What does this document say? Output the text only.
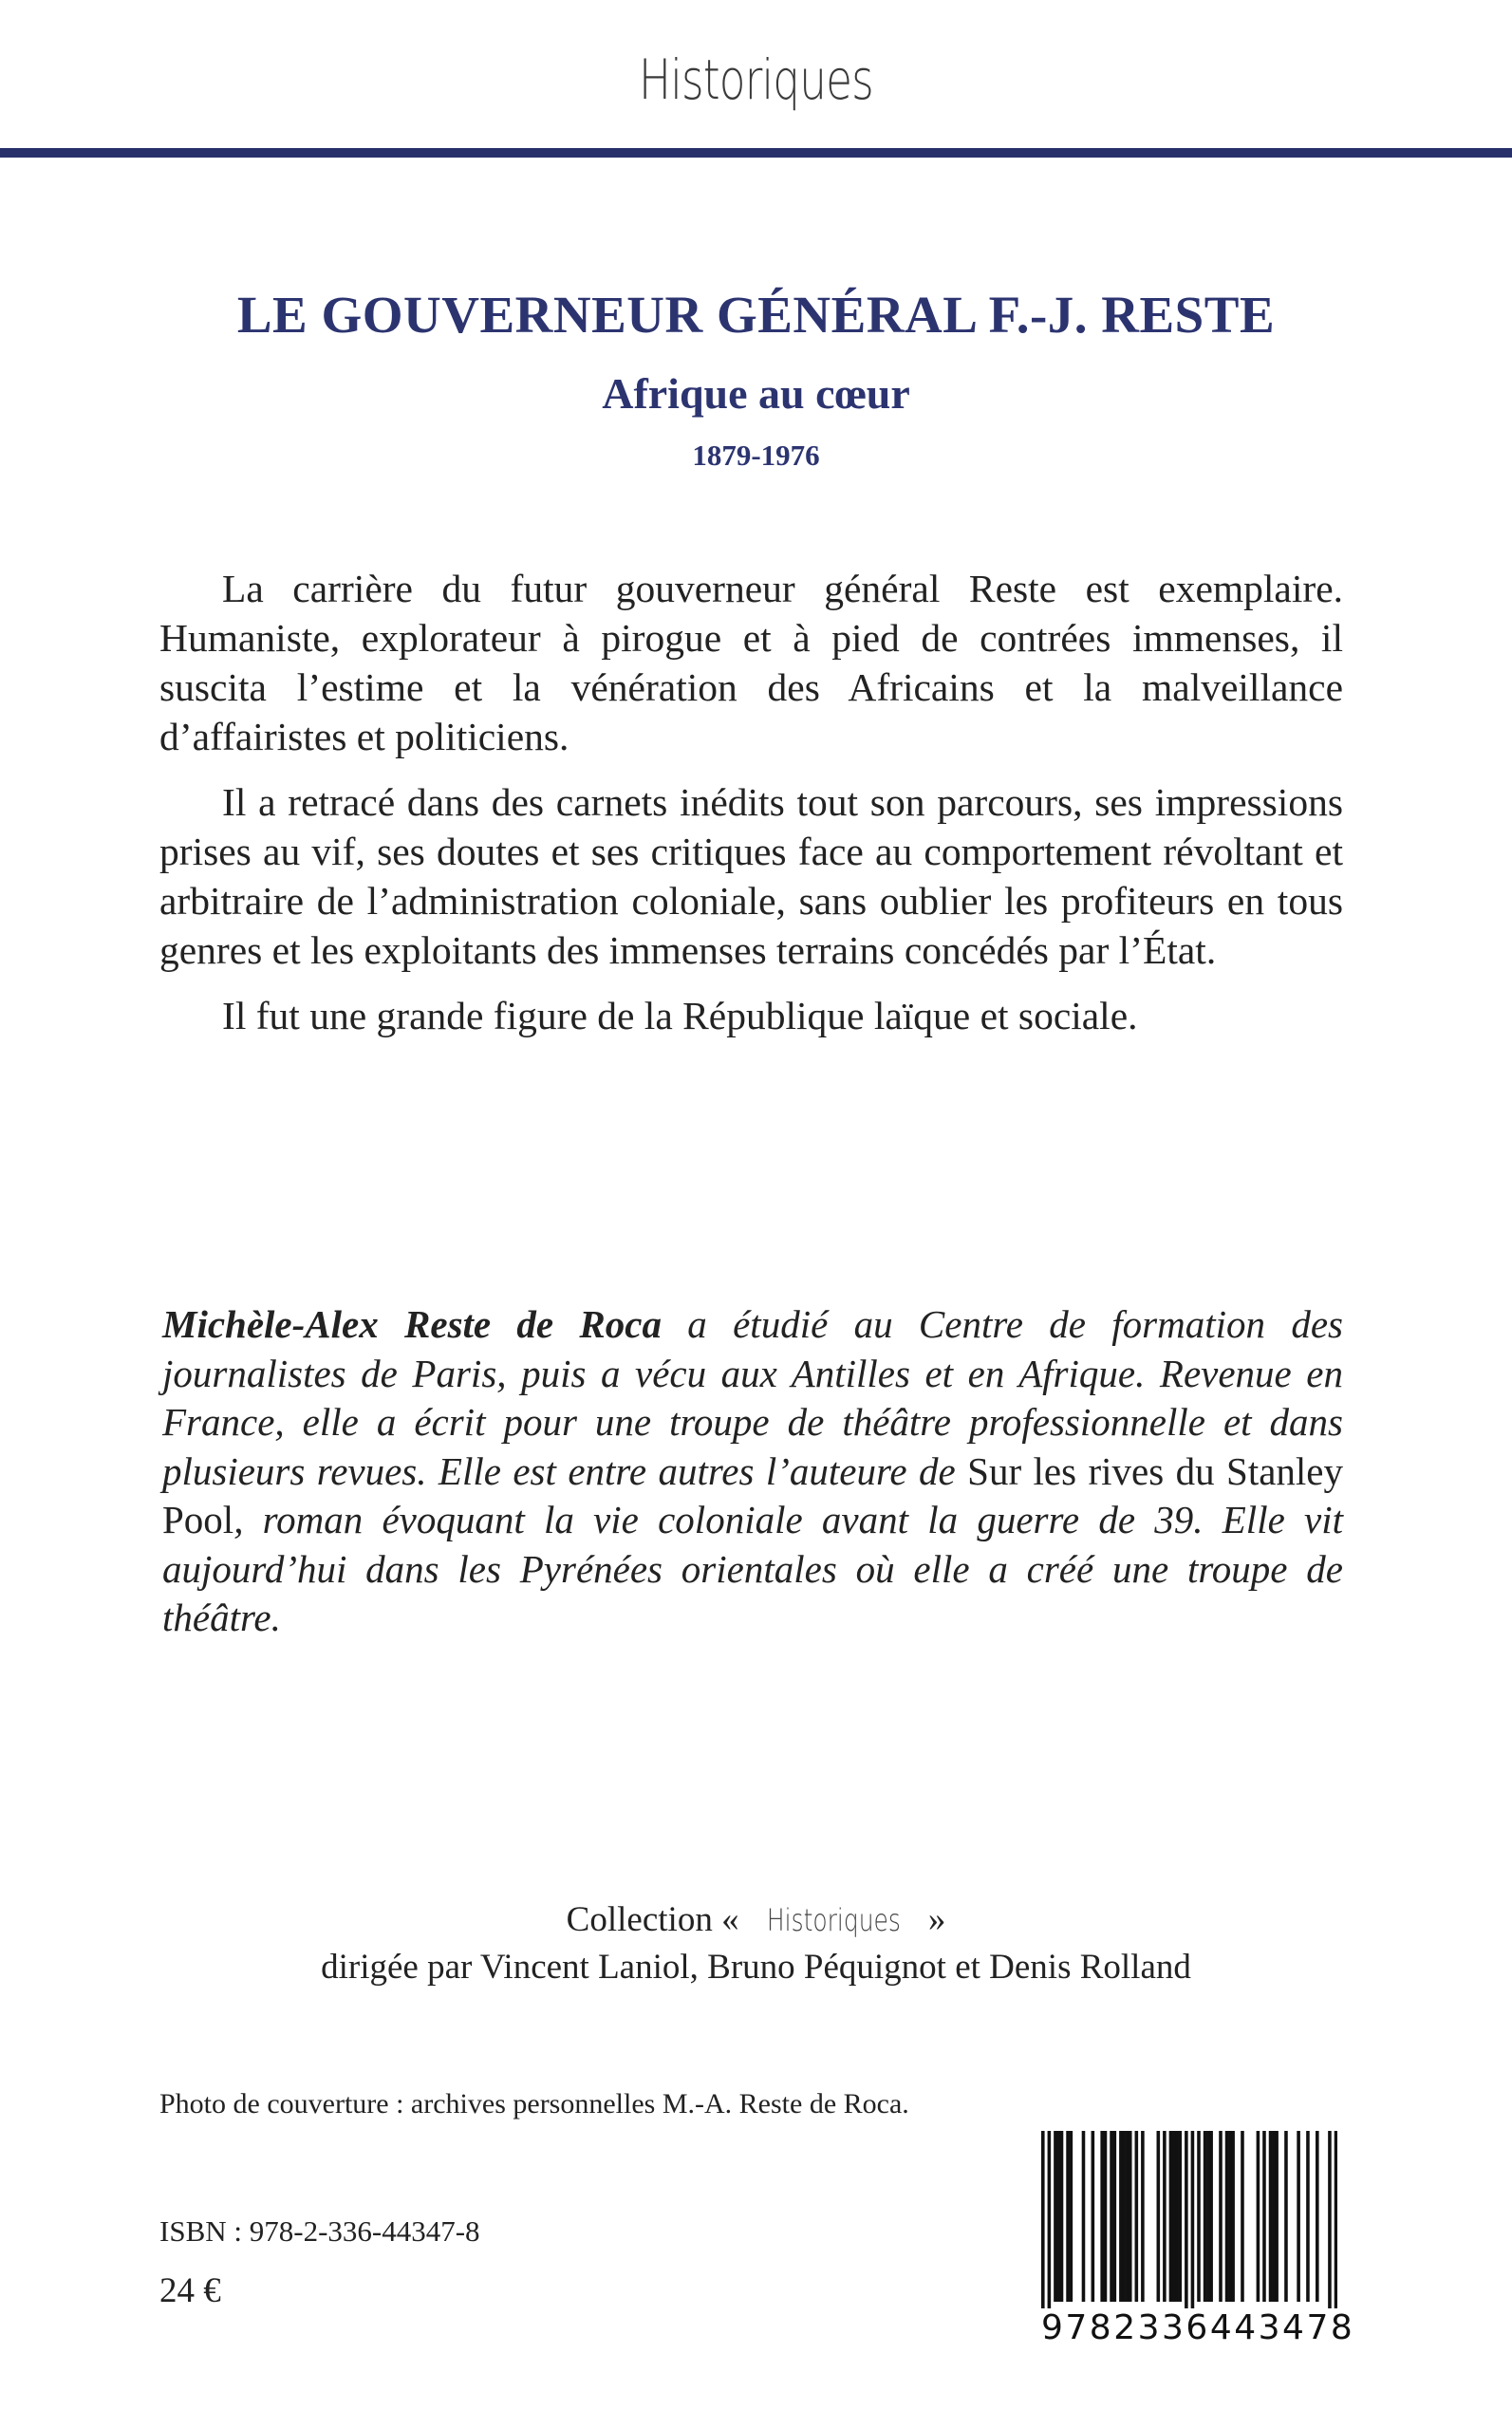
Historiques
LE GOUVERNEUR GÉNÉRAL F.-J. RESTE
Afrique au cœur
1879-1976

La carrière du futur gouverneur général Reste est exemplaire. Humaniste, explorateur à pirogue et à pied de contrées immenses, il suscita l’estime et la vénération des Africains et la malveillance d’affairistes et politiciens.

Il a retracé dans des carnets inédits tout son parcours, ses impressions prises au vif, ses doutes et ses critiques face au comportement révoltant et arbitraire de l’administration coloniale, sans oublier les profiteurs en tous genres et les exploitants des immenses terrains concédés par l’État.

Il fut une grande figure de la République laïque et sociale.

Michèle-Alex Reste de Roca a étudié au Centre de formation des journalistes de Paris, puis a vécu aux Antilles et en Afrique. Revenue en France, elle a écrit pour une troupe de théâtre professionnelle et dans plusieurs revues. Elle est entre autres l’auteure de Sur les rives du Stanley Pool, roman évoquant la vie coloniale avant la guerre de 39. Elle vit aujourd’hui dans les Pyrénées orientales où elle a créé une troupe de théâtre.
Collection « Historiques »
dirigée par Vincent Laniol, Bruno Péquignot et Denis Rolland
Photo de couverture : archives personnelles M.-A. Reste de Roca.
ISBN : 978-2-336-44347-8
24 €
9782336443478
